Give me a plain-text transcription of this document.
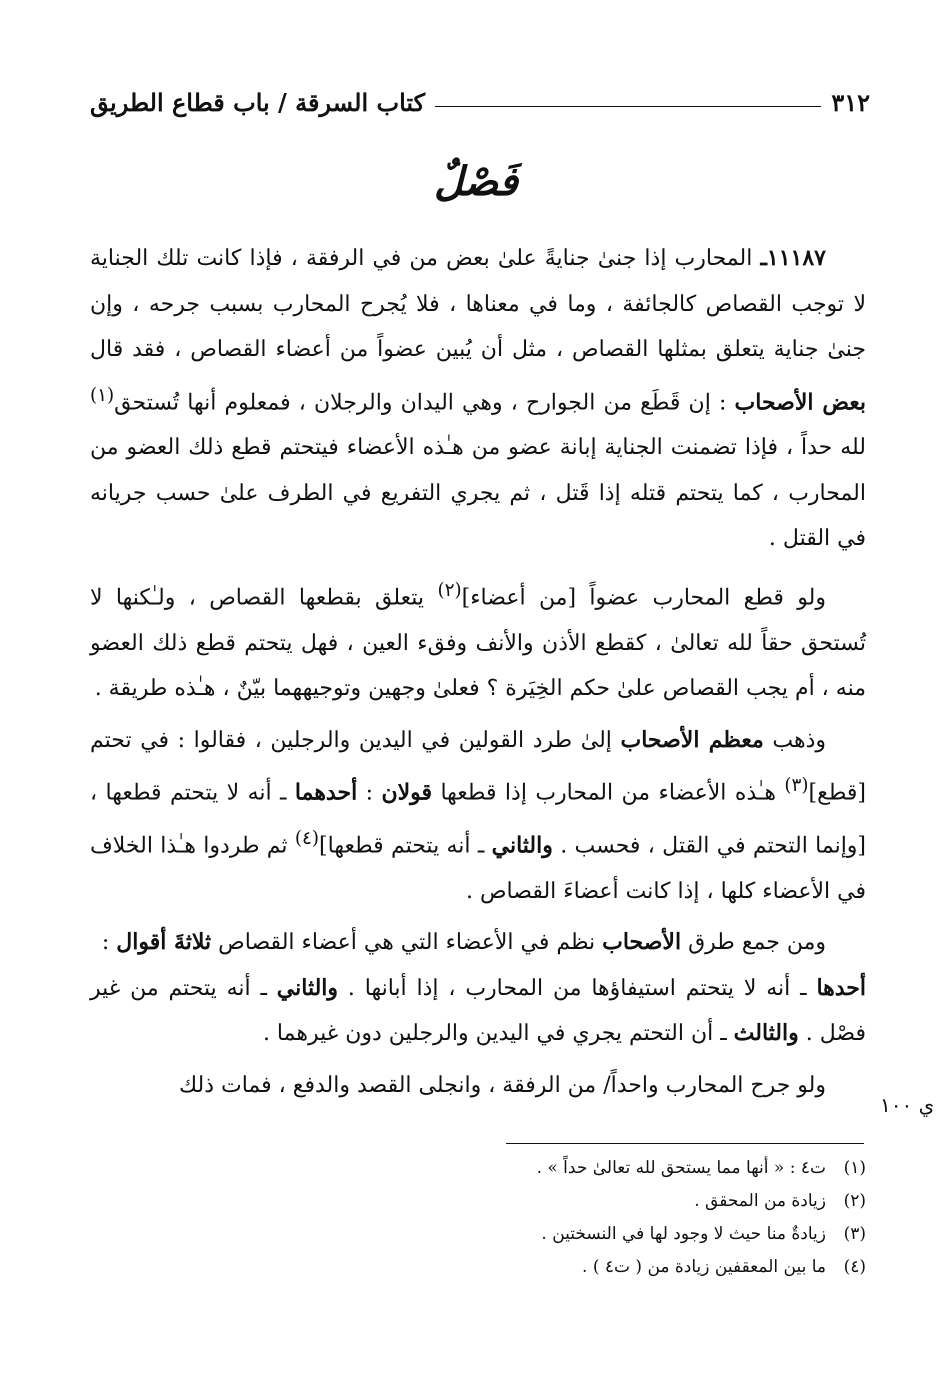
٣١٢
كتاب السرقة / باب قطاع الطريق
فَصْلٌ

١١١٨٧ـ المحارب إذا جنىٰ جنايةً علىٰ بعض من في الرفقة ، فإذا كانت تلك الجناية لا توجب القصاص كالجائفة ، وما في معناها ، فلا يُجرح المحارب بسبب جرحه ، وإن جنىٰ جناية يتعلق بمثلها القصاص ، مثل أن يُبين عضواً من أعضاء القصاص ، فقد قال بعض الأصحاب : إن قَطَع من الجوارح ، وهي اليدان والرجلان ، فمعلوم أنها تُستحق$^{(١)}$ لله حداً ، فإذا تضمنت الجناية إبانة عضو من هـٰذه الأعضاء فيتحتم قطع ذلك العضو من المحارب ، كما يتحتم قتله إذا قَتل ، ثم يجري التفريع في الطرف علىٰ حسب جريانه في القتل .

ولو قطع المحارب عضواً [من أعضاء]$^{(٢)}$ يتعلق بقطعها القصاص ، ولـٰكنها لا تُستحق حقاً لله تعالىٰ ، كقطع الأذن والأنف وفقء العين ، فهل يتحتم قطع ذلك العضو منه ، أم يجب القصاص علىٰ حكم الخِيَرة ؟ فعلىٰ وجهين وتوجيههما بيّنٌ ، هـٰذه طريقة .

وذهب معظم الأصحاب إلىٰ طرد القولين في اليدين والرجلين ، فقالوا : في تحتم [قطع]$^{(٣)}$ هـٰذه الأعضاء من المحارب إذا قطعها قولان : أحدهما ـ أنه لا يتحتم قطعها ، [وإنما التحتم في القتل ، فحسب . والثاني ـ أنه يتحتم قطعها]$^{(٤)}$ ثم طردوا هـٰذا الخلاف في الأعضاء كلها ، إذا كانت أعضاءَ القصاص .

ومن جمع طرق الأصحاب نظم في الأعضاء التي هي أعضاء القصاص ثلاثةَ أقوال :

أحدها ـ أنه لا يتحتم استيفاؤها من المحارب ، إذا أبانها . والثاني ـ أنه يتحتم من غير فصْل . والثالث ـ أن التحتم يجري في اليدين والرجلين دون غيرهما .

ولو جرح المحارب واحداً/ من الرفقة ، وانجلى القصد والدفع ، فمات ذلك

ي ١٠٠
(١)
ت٤ : « أنها مما يستحق لله تعالىٰ حداً » .
(٢)
زيادة من المحقق .
(٣)
زيادةٌ منا حيث لا وجود لها في النسختين .
(٤)
ما بين المعقفين زيادة من ( ت٤ ) .
